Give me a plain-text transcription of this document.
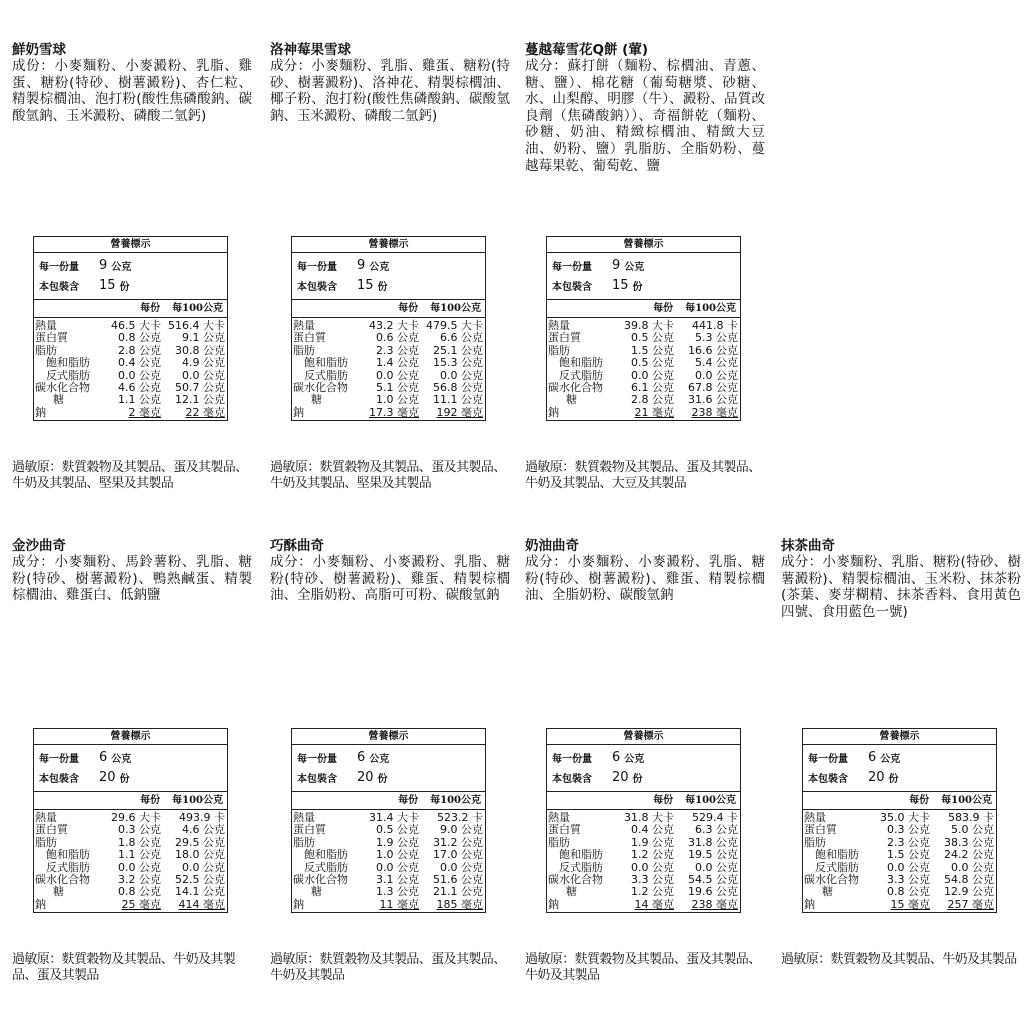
鮮奶雪球
成份：小麥麵粉、小麥澱粉、乳脂、雞蛋、糖粉(特砂、樹薯澱粉)、杏仁粒、精製棕櫚油、泡打粉(酸性焦磷酸鈉、碳酸氫鈉、玉米澱粉、磷酸二氫鈣)
營養標示
每一份量	9 公克
本包裝含	15 份
每份 每100公克
熱量	46.5 大卡 516.4 大卡
蛋白質	0.8 公克	9.1 公克
脂肪	2.8 公克	30.8 公克
飽和脂肪	0.4 公克	4.9 公克
反式脂肪	0.0 公克	0.0 公克
碳水化合物	4.6 公克	50.7 公克
糖	1.1 公克	12.1 公克
鈉	2 毫克	22 毫克
過敏原：麩質穀物及其製品、蛋及其製品、牛奶及其製品、堅果及其製品
洛神莓果雪球
成分：小麥麵粉、乳脂、雞蛋、糖粉(特砂、樹薯澱粉)、洛神花、精製棕櫚油、椰子粉、泡打粉(酸性焦磷酸鈉、碳酸氫鈉、玉米澱粉、磷酸二氫鈣)
營養標示
每一份量	9 公克
本包裝含	15 份
每份 每100公克
熱量	43.2 大卡 479.5 大卡
蛋白質	0.6 公克	6.6 公克
脂肪	2.3 公克	25.1 公克
飽和脂肪	1.4 公克	15.3 公克
反式脂肪	0.0 公克	0.0 公克
碳水化合物	5.1 公克	56.8 公克
糖	1.0 公克	11.1 公克
鈉	17.3 毫克	192 毫克
過敏原：麩質穀物及其製品、蛋及其製品、牛奶及其製品、堅果及其製品
蔓越莓雪花Q餅 (葷)
成分：蘇打餅（麵粉、棕櫚油、青蔥、糖、鹽）、棉花糖（葡萄糖漿、砂糖、水、山梨醇、明膠（牛）、澱粉、品質改良劑（焦磷酸鈉））、奇福餅乾（麵粉、砂糖、奶油、精緻棕櫚油、精緻大豆油、奶粉、鹽）乳脂肪、全脂奶粉、蔓越莓果乾、葡萄乾、鹽
營養標示
每一份量	9 公克
本包裝含	15 份
每份 每100公克
熱量	39.8 大卡	441.8 卡
蛋白質	0.5 公克	5.3 公克
脂肪	1.5 公克	16.6 公克
飽和脂肪	0.5 公克	5.4 公克
反式脂肪	0.0 公克	0.0 公克
碳水化合物	6.1 公克	67.8 公克
糖	2.8 公克	31.6 公克
鈉	21 毫克	238 毫克
過敏原：麩質穀物及其製品、蛋及其製品、牛奶及其製品、大豆及其製品
金沙曲奇
成分：小麥麵粉、馬鈴薯粉、乳脂、糖粉(特砂、樹薯澱粉)、鴨熟鹹蛋、精製棕櫚油、雞蛋白、低鈉鹽
營養標示
每一份量	6 公克
本包裝含	20 份
每份 每100公克
熱量	29.6 大卡	493.9 卡
蛋白質	0.3 公克	4.6 公克
脂肪	1.8 公克	29.5 公克
飽和脂肪	1.1 公克	18.0 公克
反式脂肪	0.0 公克	0.0 公克
碳水化合物	3.2 公克	52.5 公克
糖	0.8 公克	14.1 公克
鈉	25 毫克	414 毫克
過敏原：麩質穀物及其製品、牛奶及其製品、蛋及其製品
巧酥曲奇
成分：小麥麵粉、小麥澱粉、乳脂、糖粉(特砂、樹薯澱粉)、雞蛋、精製棕櫚油、全脂奶粉、高脂可可粉、碳酸氫鈉
營養標示
每一份量	6 公克
本包裝含	20 份
每份 每100公克
熱量	31.4 大卡	523.2 卡
蛋白質	0.5 公克	9.0 公克
脂肪	1.9 公克	31.2 公克
飽和脂肪	1.0 公克	17.0 公克
反式脂肪	0.0 公克	0.0 公克
碳水化合物	3.1 公克	51.6 公克
糖	1.3 公克	21.1 公克
鈉	11 毫克	185 毫克
過敏原：麩質穀物及其製品、蛋及其製品、牛奶及其製品
奶油曲奇
成分：小麥麵粉、小麥澱粉、乳脂、糖粉(特砂、樹薯澱粉)、雞蛋、精製棕櫚油、全脂奶粉、碳酸氫鈉
營養標示
每一份量	6 公克
本包裝含	20 份
每份 每100公克
熱量	31.8 大卡	529.4 卡
蛋白質	0.4 公克	6.3 公克
脂肪	1.9 公克	31.8 公克
飽和脂肪	1.2 公克	19.5 公克
反式脂肪	0.0 公克	0.0 公克
碳水化合物	3.3 公克	54.5 公克
糖	1.2 公克	19.6 公克
鈉	14 毫克	238 毫克
過敏原：麩質穀物及其製品、蛋及其製品、牛奶及其製品
抹茶曲奇
成分：小麥麵粉、乳脂、糖粉(特砂、樹薯澱粉)、精製棕櫚油、玉米粉、抹茶粉(茶葉、麥芽糊精、抹茶香料、食用黃色四號、食用藍色一號)
營養標示
每一份量	6 公克
本包裝含	20 份
每份 每100公克
熱量	35.0 大卡	583.9 卡
蛋白質	0.3 公克	5.0 公克
脂肪	2.3 公克	38.3 公克
飽和脂肪	1.5 公克	24.2 公克
反式脂肪	0.0 公克	0.0 公克
碳水化合物	3.3 公克	54.8 公克
糖	0.8 公克	12.9 公克
鈉	15 毫克	257 毫克
過敏原：麩質穀物及其製品、牛奶及其製品
